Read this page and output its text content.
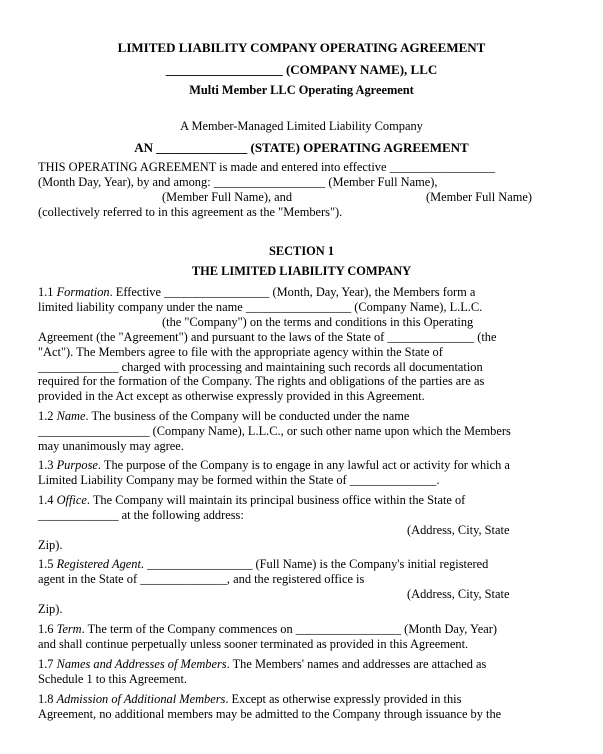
LIMITED LIABILITY COMPANY OPERATING AGREEMENT
__________________ (COMPANY NAME), LLC
Multi Member LLC Operating Agreement
A Member-Managed Limited Liability Company
AN ______________ (STATE) OPERATING AGREEMENT
THIS OPERATING AGREEMENT is made and entered into effective _________________
(Month Day, Year), by and among: __________________ (Member Full Name),
(Member Full Name), and	(Member Full Name)
(collectively referred to in this agreement as the "Members").
SECTION 1
THE LIMITED LIABILITY COMPANY
1.1 Formation. Effective _________________ (Month, Day, Year), the Members form a
limited liability company under the name _________________ (Company Name), L.L.C.
(the "Company") on the terms and conditions in this Operating
Agreement (the "Agreement") and pursuant to the laws of the State of ______________ (the
"Act"). The Members agree to file with the appropriate agency within the State of
_____________ charged with processing and maintaining such records all documentation
required for the formation of the Company. The rights and obligations of the parties are as
provided in the Act except as otherwise expressly provided in this Agreement.
1.2 Name. The business of the Company will be conducted under the name
__________________ (Company Name), L.L.C., or such other name upon which the Members
may unanimously may agree.
1.3 Purpose. The purpose of the Company is to engage in any lawful act or activity for which a
Limited Liability Company may be formed within the State of ______________.
1.4 Office. The Company will maintain its principal business office within the State of
_____________ at the following address:
(Address, City, State
Zip).
1.5 Registered Agent. _________________ (Full Name) is the Company's initial registered
agent in the State of ______________, and the registered office is
(Address, City, State
Zip).
1.6 Term. The term of the Company commences on _________________ (Month Day, Year)
and shall continue perpetually unless sooner terminated as provided in this Agreement.
1.7 Names and Addresses of Members. The Members' names and addresses are attached as
Schedule 1 to this Agreement.
1.8 Admission of Additional Members. Except as otherwise expressly provided in this
Agreement, no additional members may be admitted to the Company through issuance by the
